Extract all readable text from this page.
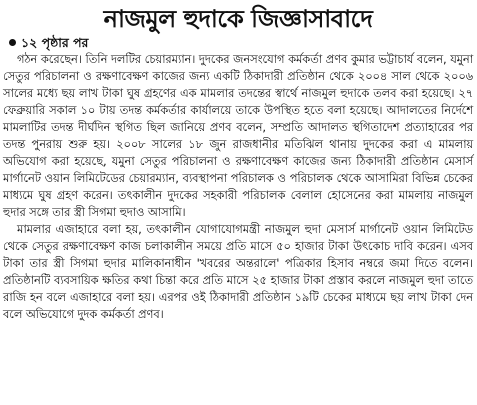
নাজমুল হুদাকে জিজ্ঞাসাবাদে
১২ পৃষ্ঠার পর

গঠন করেছেন। তিনি দলটির চেয়ারম্যান। দুদকের জনসংযোগ কর্মকর্তা প্রণব কুমার ভট্টাচার্য বলেন, যমুনা সেতুর পরিচালনা ও রক্ষণাবেক্ষণ কাজের জন্য একটি ঠিকাদারী প্রতিষ্ঠান থেকে ২০০৪ সাল থেকে ২০০৬ সালের মধ্যে ছয় লাখ টাকা ঘুষ গ্রহণের এক মামলার তদন্তের স্বার্থে নাজমুল হুদাকে তলব করা হয়েছে। ২৭ ফেব্রুয়ারি সকাল ১০ টায় তদন্ত কর্মকর্তার কার্যালয়ে তাকে উপস্থিত হতে বলা হয়েছে। আদালতের নির্দেশে মামলাটির তদন্ত দীর্ঘদিন স্থগিত ছিল জানিয়ে প্রণব বলেন, সম্প্রতি আদালত স্থগিতাদেশ প্রত্যাহারের পর তদন্ত পুনরায় শুরু হয়। ২০০৮ সালের ১৮ জুন রাজধানীর মতিঝিল থানায় দুদকের করা এ মামলায় অভিযোগ করা হয়েছে, যমুনা সেতুর পরিচালনা ও রক্ষণাবেক্ষণ কাজের জন্য ঠিকাদারী প্রতিষ্ঠান মেসার্স মার্গানেট ওয়ান লিমিটেডের চেয়ারম্যান, ব্যবস্থাপনা পরিচালক ও পরিচালক থেকে আসামিরা বিভিন্ন চেকের মাধ্যমে ঘুষ গ্রহণ করেন। তৎকালীন দুদকের সহকারী পরিচালক বেলাল হোসেনের করা মামলায় নাজমুল হুদার সঙ্গে তার স্ত্রী সিগমা হুদাও আসামি।

মামলার এজাহারে বলা হয়, তৎকালীন যোগাযোগমন্ত্রী নাজমুল হুদা মেসার্স মার্গানেট ওয়ান লিমিটেড থেকে সেতুর রক্ষণাবেক্ষণ কাজ চলাকালীন সময়ে প্রতি মাসে ৫০ হাজার টাকা উৎকোচ দাবি করেন। এসব টাকা তার স্ত্রী সিগমা হুদার মালিকানাধীন 'খবরের অন্তরালে' পত্রিকার হিসাব নম্বরে জমা দিতে বলেন। প্রতিষ্ঠানটি ব্যবসায়িক ক্ষতির কথা চিন্তা করে প্রতি মাসে ২৫ হাজার টাকা প্রস্তাব করলে নাজমুল হুদা তাতে রাজি হন বলে এজাহারে বলা হয়। এরপর ওই ঠিকাদারী প্রতিষ্ঠান ১৯টি চেকের মাধ্যমে ছয় লাখ টাকা দেন বলে অভিযোগে দুদক কর্মকর্তা প্রণব।
